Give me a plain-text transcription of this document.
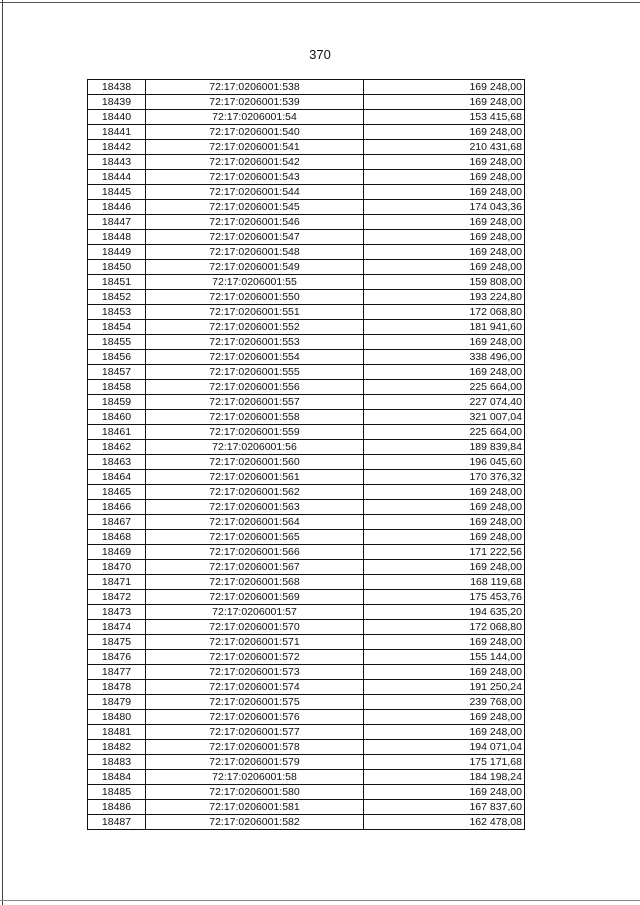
370
18438	72:17:0206001:538	169 248,00
18439	72:17:0206001:539	169 248,00
18440	72:17:0206001:54	153 415,68
18441	72:17:0206001:540	169 248,00
18442	72:17:0206001:541	210 431,68
18443	72:17:0206001:542	169 248,00
18444	72:17:0206001:543	169 248,00
18445	72:17:0206001:544	169 248,00
18446	72:17:0206001:545	174 043,36
18447	72:17:0206001:546	169 248,00
18448	72:17:0206001:547	169 248,00
18449	72:17:0206001:548	169 248,00
18450	72:17:0206001:549	169 248,00
18451	72:17:0206001:55	159 808,00
18452	72:17:0206001:550	193 224,80
18453	72:17:0206001:551	172 068,80
18454	72:17:0206001:552	181 941,60
18455	72:17:0206001:553	169 248,00
18456	72:17:0206001:554	338 496,00
18457	72:17:0206001:555	169 248,00
18458	72:17:0206001:556	225 664,00
18459	72:17:0206001:557	227 074,40
18460	72:17:0206001:558	321 007,04
18461	72:17:0206001:559	225 664,00
18462	72:17:0206001:56	189 839,84
18463	72:17:0206001:560	196 045,60
18464	72:17:0206001:561	170 376,32
18465	72:17:0206001:562	169 248,00
18466	72:17:0206001:563	169 248,00
18467	72:17:0206001:564	169 248,00
18468	72:17:0206001:565	169 248,00
18469	72:17:0206001:566	171 222,56
18470	72:17:0206001:567	169 248,00
18471	72:17:0206001:568	168 119,68
18472	72:17:0206001:569	175 453,76
18473	72:17:0206001:57	194 635,20
18474	72:17:0206001:570	172 068,80
18475	72:17:0206001:571	169 248,00
18476	72:17:0206001:572	155 144,00
18477	72:17:0206001:573	169 248,00
18478	72:17:0206001:574	191 250,24
18479	72:17:0206001:575	239 768,00
18480	72:17:0206001:576	169 248,00
18481	72:17:0206001:577	169 248,00
18482	72:17:0206001:578	194 071,04
18483	72:17:0206001:579	175 171,68
18484	72:17:0206001:58	184 198,24
18485	72:17:0206001:580	169 248,00
18486	72:17:0206001:581	167 837,60
18487	72:17:0206001:582	162 478,08
